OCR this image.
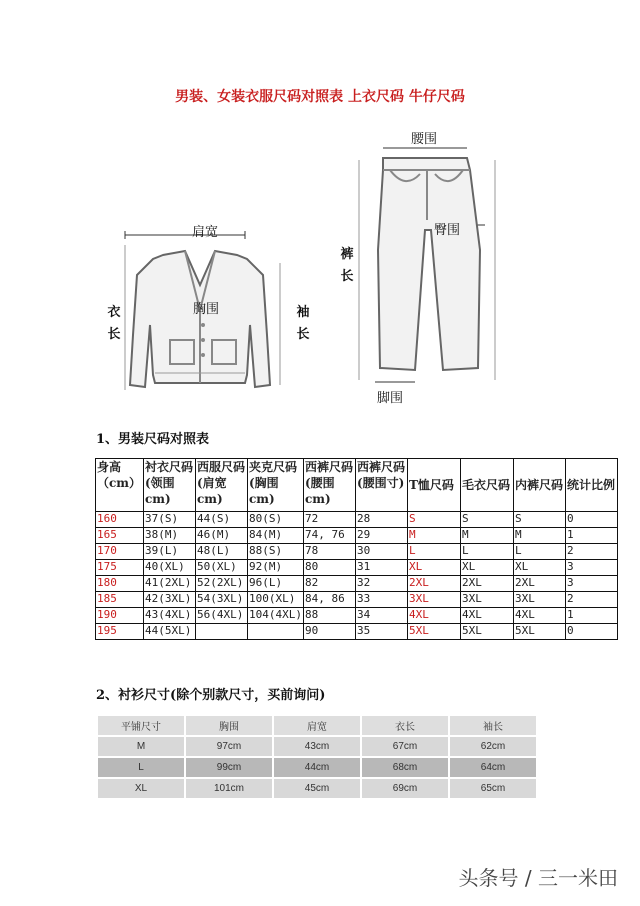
男装、女装衣服尺码对照表 上衣尺码 牛仔尺码
肩宽
胸围
衣长
袖长
腰围
臀围
裤长
脚围
1、男装尺码对照表
身高 （cm）	衬衣尺码(领围cm)	西服尺码(肩宽cm)	夹克尺码(胸围cm)	西裤尺码(腰围cm)	西裤尺码(腰围寸)	T恤尺码	毛衣尺码	内裤尺码	统计比例
160	37(S)	44(S)	80(S)	72	28	S	S	S	0
165	38(M)	46(M)	84(M)	74, 76	29	M	M	M	1
170	39(L)	48(L)	88(S)	78	30	L	L	L	2
175	40(XL)	50(XL)	92(M)	80	31	XL	XL	XL	3
180	41(2XL)	52(2XL)	96(L)	82	32	2XL	2XL	2XL	3
185	42(3XL)	54(3XL)	100(XL)	84, 86	33	3XL	3XL	3XL	2
190	43(4XL)	56(4XL)	104(4XL)	88	34	4XL	4XL	4XL	1
195	44(5XL)			90	35	5XL	5XL	5XL	0
2、衬衫尺寸(除个别款尺寸，买前询问)
平铺尺寸	胸围	肩宽	衣长	袖长
M	97cm	43cm	67cm	62cm
L	99cm	44cm	68cm	64cm
XL	101cm	45cm	69cm	65cm
头条号 / 三一米田
